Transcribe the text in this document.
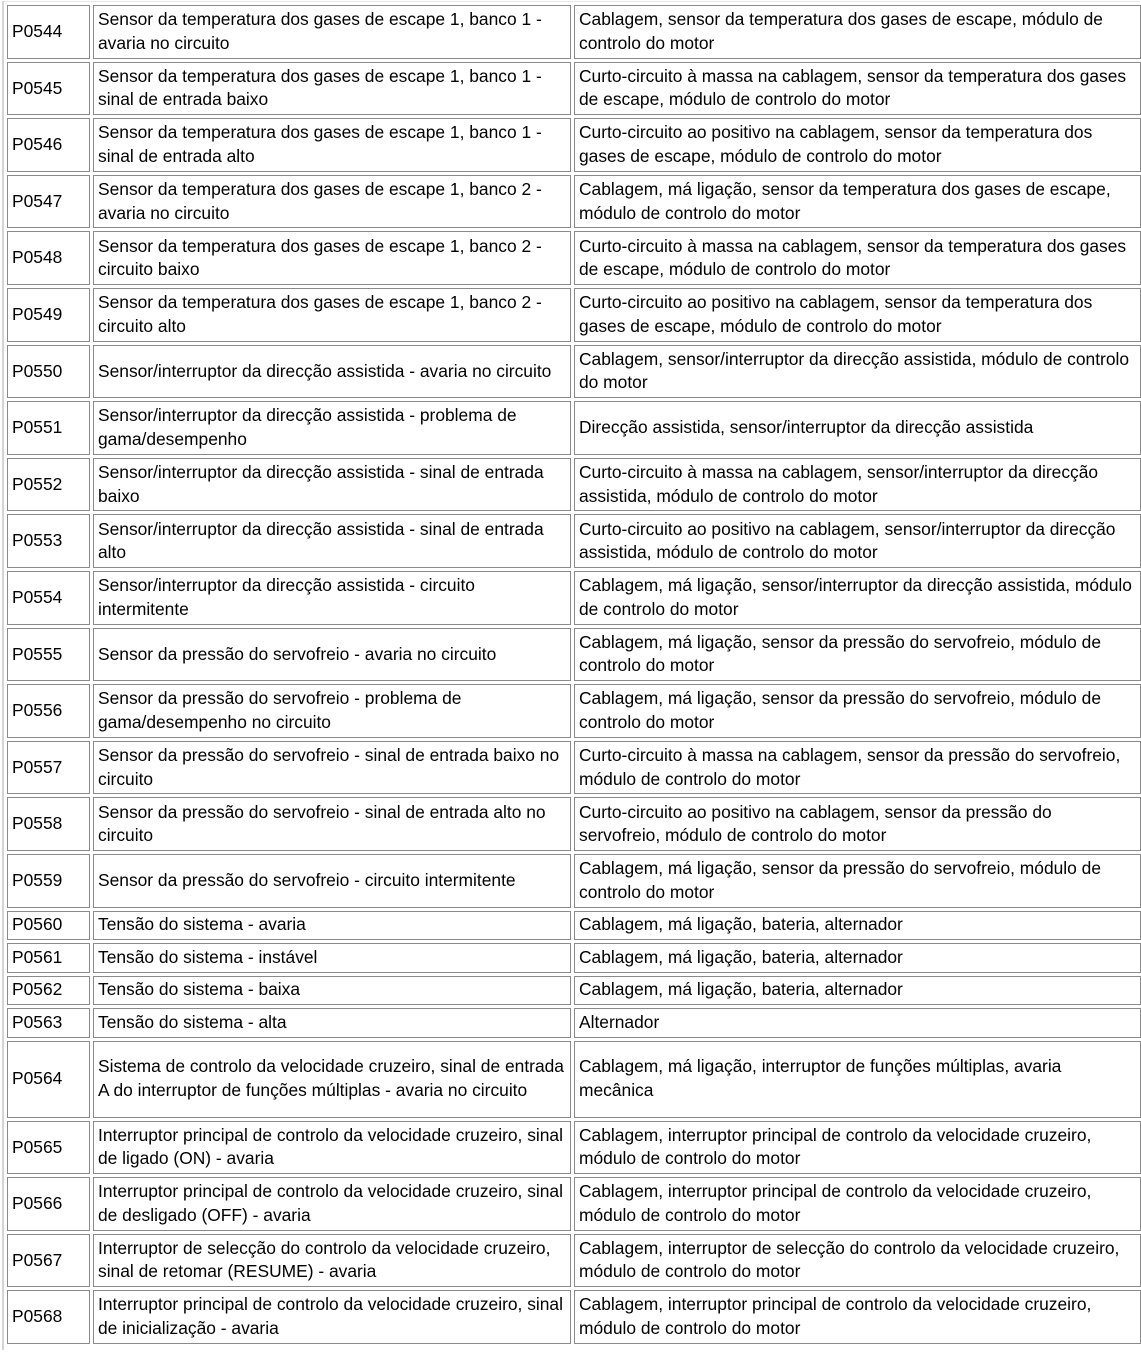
P0544	Sensor da temperatura dos gases de escape 1, banco 1 - avaria no circuito	Cablagem, sensor da temperatura dos gases de escape, módulo de controlo do motor
P0545	Sensor da temperatura dos gases de escape 1, banco 1 - sinal de entrada baixo	Curto-circuito à massa na cablagem, sensor da temperatura dos gases de escape, módulo de controlo do motor
P0546	Sensor da temperatura dos gases de escape 1, banco 1 - sinal de entrada alto	Curto-circuito ao positivo na cablagem, sensor da temperatura dos gases de escape, módulo de controlo do motor
P0547	Sensor da temperatura dos gases de escape 1, banco 2 - avaria no circuito	Cablagem, má ligação, sensor da temperatura dos gases de escape, módulo de controlo do motor
P0548	Sensor da temperatura dos gases de escape 1, banco 2 - circuito baixo	Curto-circuito à massa na cablagem, sensor da temperatura dos gases de escape, módulo de controlo do motor
P0549	Sensor da temperatura dos gases de escape 1, banco 2 - circuito alto	Curto-circuito ao positivo na cablagem, sensor da temperatura dos gases de escape, módulo de controlo do motor
P0550	Sensor/interruptor da direcção assistida - avaria no circuito	Cablagem, sensor/interruptor da direcção assistida, módulo de controlo do motor
P0551	Sensor/interruptor da direcção assistida - problema de gama/desempenho	Direcção assistida, sensor/interruptor da direcção assistida
P0552	Sensor/interruptor da direcção assistida - sinal de entrada baixo	Curto-circuito à massa na cablagem, sensor/interruptor da direcção assistida, módulo de controlo do motor
P0553	Sensor/interruptor da direcção assistida - sinal de entrada alto	Curto-circuito ao positivo na cablagem, sensor/interruptor da direcção assistida, módulo de controlo do motor
P0554	Sensor/interruptor da direcção assistida - circuito intermitente	Cablagem, má ligação, sensor/interruptor da direcção assistida, módulo de controlo do motor
P0555	Sensor da pressão do servofreio - avaria no circuito	Cablagem, má ligação, sensor da pressão do servofreio, módulo de controlo do motor
P0556	Sensor da pressão do servofreio - problema de gama/desempenho no circuito	Cablagem, má ligação, sensor da pressão do servofreio, módulo de controlo do motor
P0557	Sensor da pressão do servofreio - sinal de entrada baixo no circuito	Curto-circuito à massa na cablagem, sensor da pressão do servofreio, módulo de controlo do motor
P0558	Sensor da pressão do servofreio - sinal de entrada alto no circuito	Curto-circuito ao positivo na cablagem, sensor da pressão do servofreio, módulo de controlo do motor
P0559	Sensor da pressão do servofreio - circuito intermitente	Cablagem, má ligação, sensor da pressão do servofreio, módulo de controlo do motor
P0560	Tensão do sistema - avaria	Cablagem, má ligação, bateria, alternador
P0561	Tensão do sistema - instável	Cablagem, má ligação, bateria, alternador
P0562	Tensão do sistema - baixa	Cablagem, má ligação, bateria, alternador
P0563	Tensão do sistema - alta	Alternador
P0564	Sistema de controlo da velocidade cruzeiro, sinal de entrada A do interruptor de funções múltiplas - avaria no circuito	Cablagem, má ligação, interruptor de funções múltiplas, avaria mecânica
P0565	Interruptor principal de controlo da velocidade cruzeiro, sinal de ligado (ON) - avaria	Cablagem, interruptor principal de controlo da velocidade cruzeiro, módulo de controlo do motor
P0566	Interruptor principal de controlo da velocidade cruzeiro, sinal de desligado (OFF) - avaria	Cablagem, interruptor principal de controlo da velocidade cruzeiro, módulo de controlo do motor
P0567	Interruptor de selecção do controlo da velocidade cruzeiro, sinal de retomar (RESUME) - avaria	Cablagem, interruptor de selecção do controlo da velocidade cruzeiro, módulo de controlo do motor
P0568	Interruptor principal de controlo da velocidade cruzeiro, sinal de inicialização - avaria	Cablagem, interruptor principal de controlo da velocidade cruzeiro, módulo de controlo do motor
